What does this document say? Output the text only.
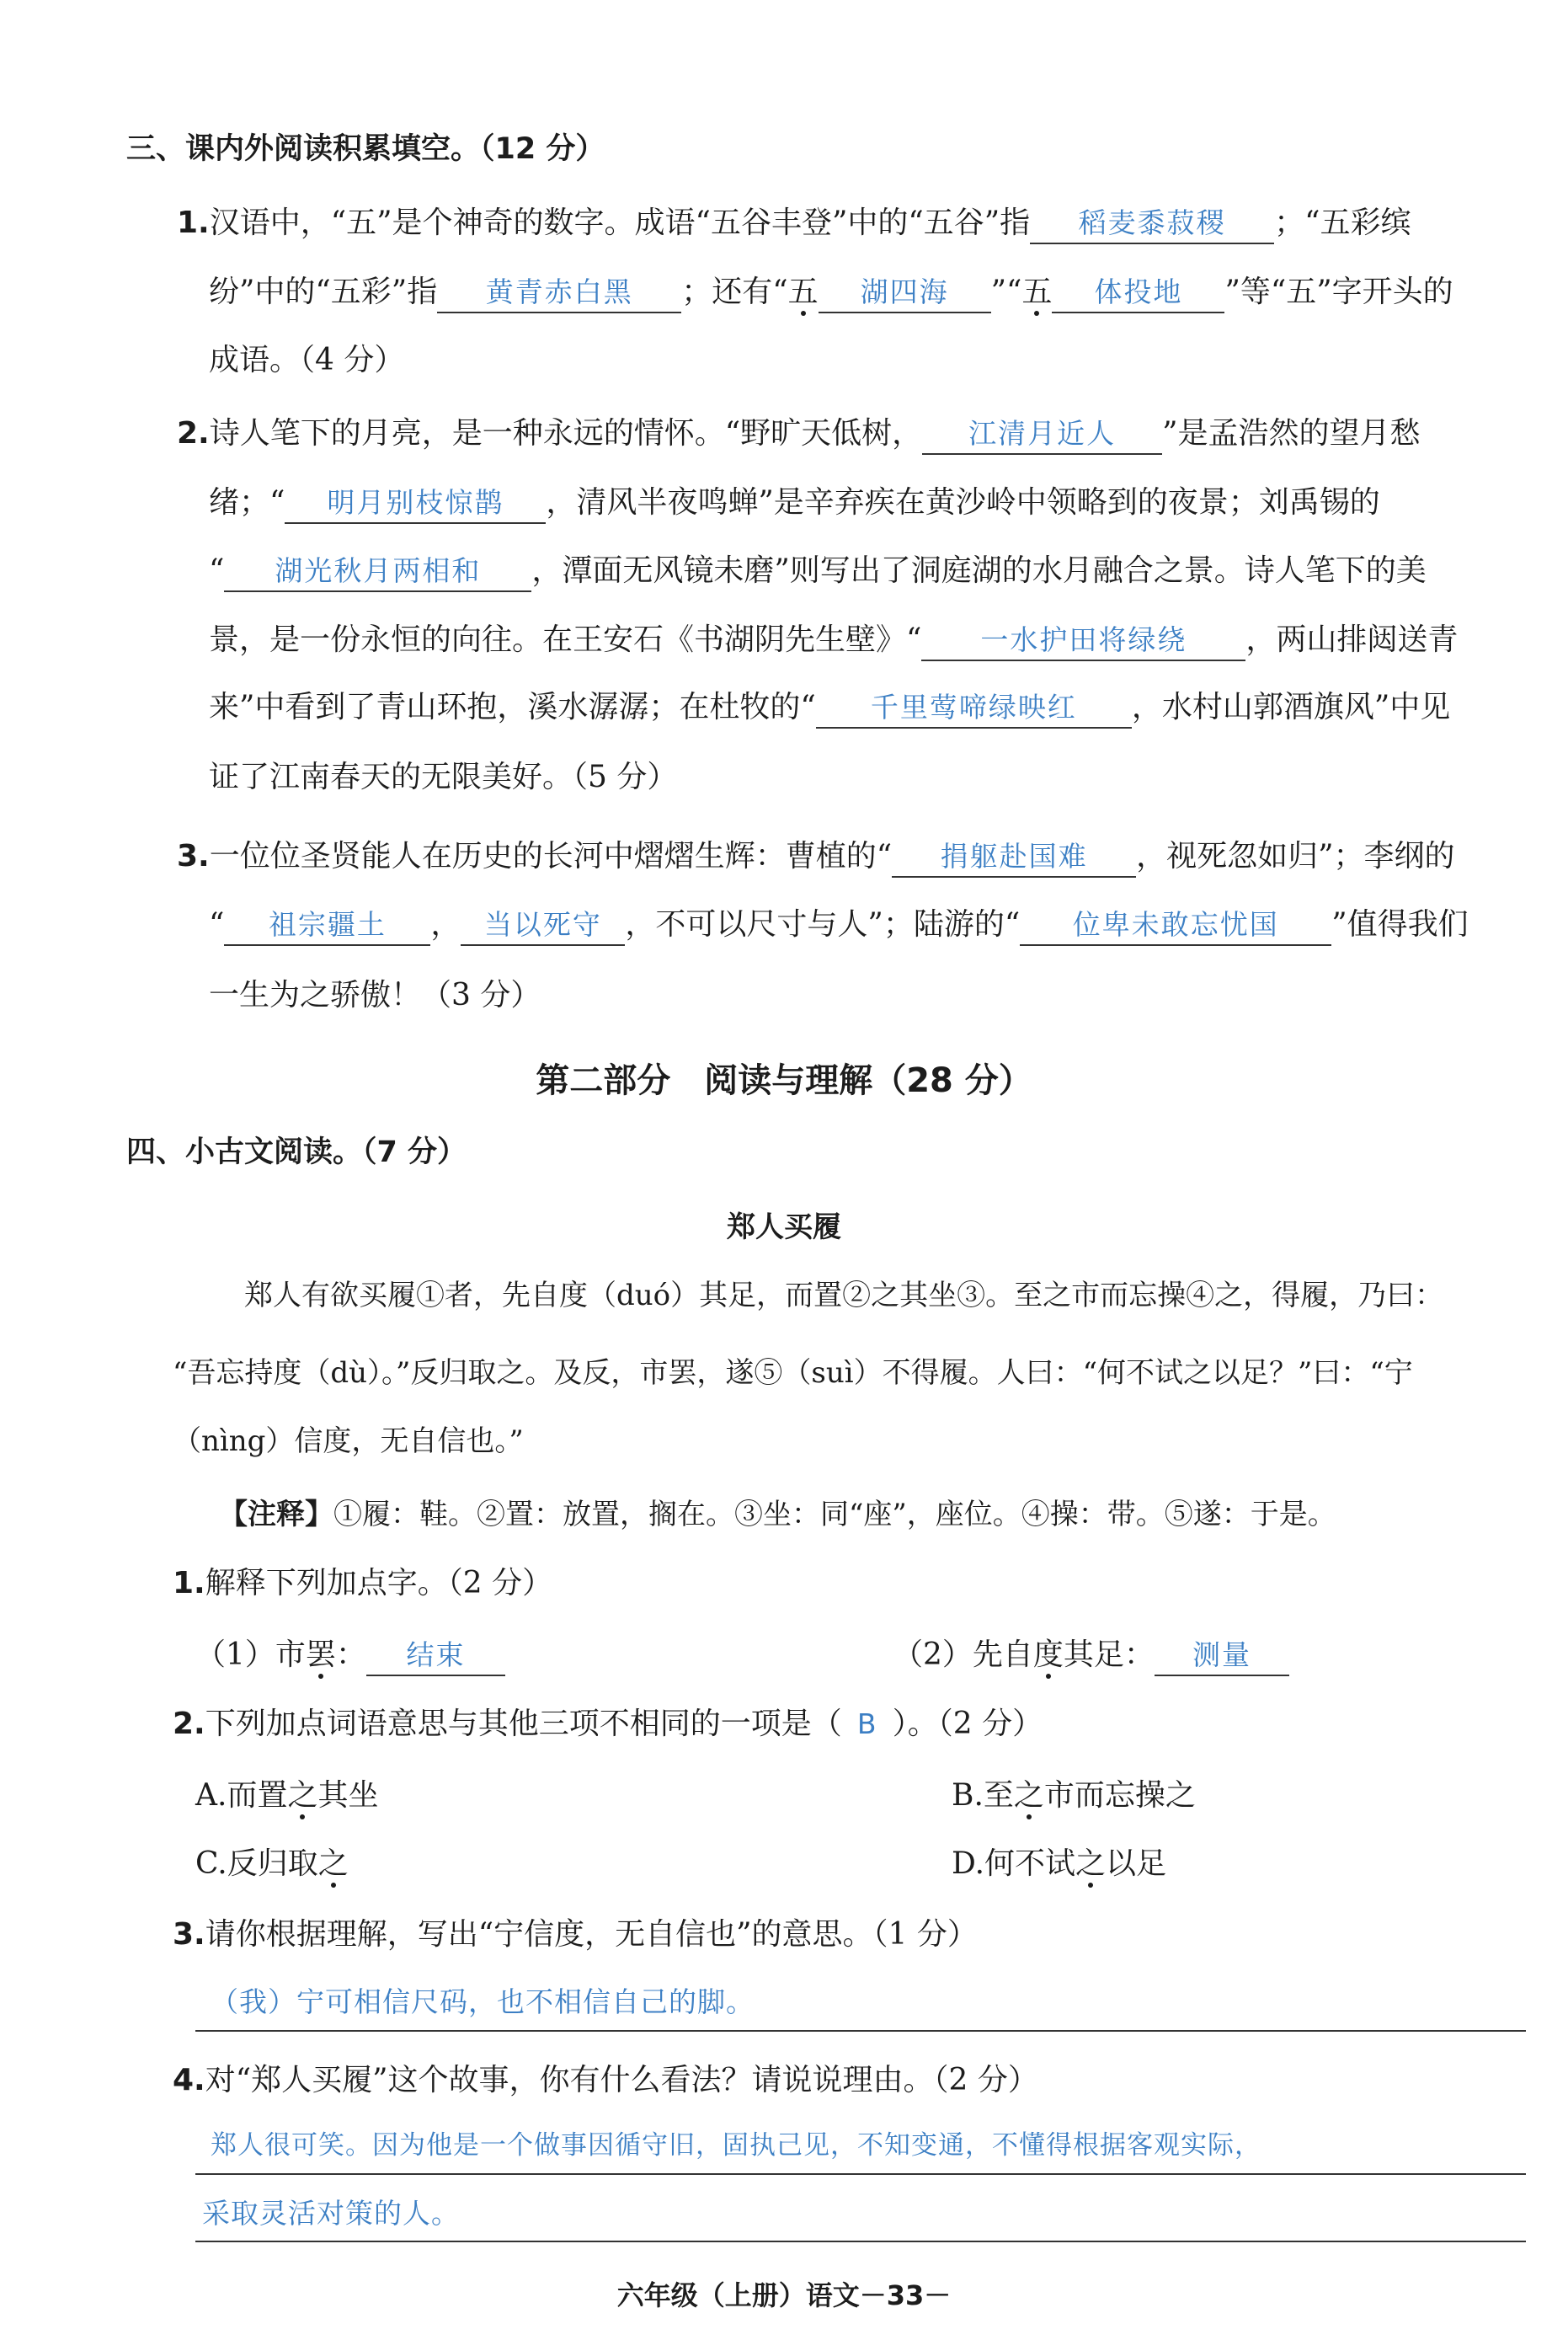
三、课内外阅读积累填空。（12 分）
1.汉语中，“五”是个神奇的数字。成语“五谷丰登”中的“五谷”指 稻麦黍菽稷 ；“五彩缤
纷”中的“五彩”指 黄青赤白黑 ；还有“五 湖四海 ”“五 体投地 ”等“五”字开头的
成语。（4 分）
2.诗人笔下的月亮，是一种永远的情怀。“野旷天低树， 江清月近人 ”是孟浩然的望月愁
绪；“ 明月别枝惊鹊 ，清风半夜鸣蝉”是辛弃疾在黄沙岭中领略到的夜景；刘禹锡的
“ 湖光秋月两相和 ，潭面无风镜未磨”则写出了洞庭湖的水月融合之景。诗人笔下的美
景，是一份永恒的向往。在王安石《书湖阴先生壁》“ 一水护田将绿绕 ，两山排闼送青
来”中看到了青山环抱，溪水潺潺；在杜牧的“ 千里莺啼绿映红 ，水村山郭酒旗风”中见
证了江南春天的无限美好。（5 分）
3.一位位圣贤能人在历史的长河中熠熠生辉：曹植的“ 捐躯赴国难 ，视死忽如归”；李纲的
“ 祖宗疆土 ， 当以死守 ，不可以尺寸与人”；陆游的“ 位卑未敢忘忧国 ”值得我们
一生为之骄傲！（3 分）
第二部分　阅读与理解（28 分）
四、小古文阅读。（7 分）
郑人买履
郑人有欲买履①者，先自度（duó）其足，而置②之其坐③。至之市而忘操④之，得履，乃曰：
“吾忘持度（dù）。”反归取之。及反，市罢，遂⑤（suì）不得履。人曰：“何不试之以足？”曰：“宁
（nìng）信度，无自信也。”
【注释】①履：鞋。②置：放置，搁在。③坐：同“座”，座位。④操：带。⑤遂：于是。
1.解释下列加点字。（2 分）
（1）市罢： 结束	（2）先自度其足： 测量
2.下列加点词语意思与其他三项不相同的一项是（ B ）。（2 分）
A.而置之其坐	B.至之市而忘操之
C.反归取之	D.何不试之以足
3.请你根据理解，写出“宁信度，无自信也”的意思。（1 分）
（我）宁可相信尺码，也不相信自己的脚。
4.对“郑人买履”这个故事，你有什么看法？请说说理由。（2 分）
郑人很可笑。因为他是一个做事因循守旧，固执己见，不知变通，不懂得根据客观实际，
采取灵活对策的人。
六年级（上册）语文－33－
